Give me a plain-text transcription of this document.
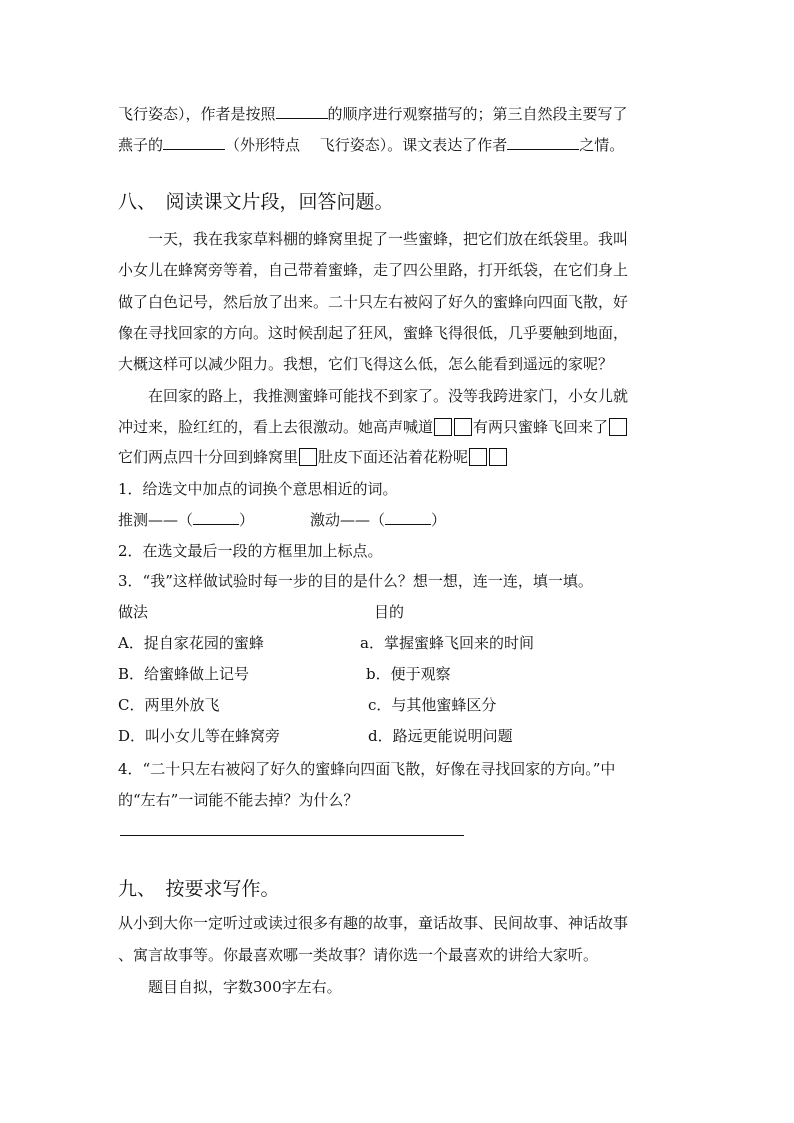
飞行姿态），作者是按照	的顺序进行观察描写的；第三自然段主要写了
燕子的	（外形特点　 飞行姿态）。课文表达了作者	之情。
八、　阅读课文片段，回答问题。
　　一天，我在我家草料棚的蜂窝里捉了一些蜜蜂，把它们放在纸袋里。我叫
小女儿在蜂窝旁等着，自己带着蜜蜂，走了四公里路，打开纸袋，在它们身上
做了白色记号，然后放了出来。二十只左右被闷了好久的蜜蜂向四面飞散，好
像在寻找回家的方向。这时候刮起了狂风，蜜蜂飞得很低，几乎要触到地面，
大概这样可以减少阻力。我想，它们飞得这么低，怎么能看到遥远的家呢？
　　在回家的路上，我推测蜜蜂可能找不到家了。没等我跨进家门，小女儿就
冲过来，脸红红的，看上去很激动。她高声喊道	有两只蜜蜂飞回来了
它们两点四十分回到蜂窝里 肚皮下面还沾着花粉呢
1．给选文中加点的词换个意思相近的词。
推测——（	）	激动——（	）
2．在选文最后一段的方框里加上标点。
3．“我”这样做试验时每一步的目的是什么？想一想，连一连，填一填。
做法	目的
A．捉自家花园的蜜蜂	a．掌握蜜蜂飞回来的时间
B．给蜜蜂做上记号	b．便于观察
C．两里外放飞	c．与其他蜜蜂区分
D．叫小女儿等在蜂窝旁	d．路远更能说明问题
4．“二十只左右被闷了好久的蜜蜂向四面飞散，好像在寻找回家的方向。”中
的“左右”一词能不能去掉？为什么？
九、　按要求写作。
从小到大你一定听过或读过很多有趣的故事，童话故事、民间故事、神话故事
、寓言故事等。你最喜欢哪一类故事？请你选一个最喜欢的讲给大家听。
　　题目自拟，字数300字左右。
